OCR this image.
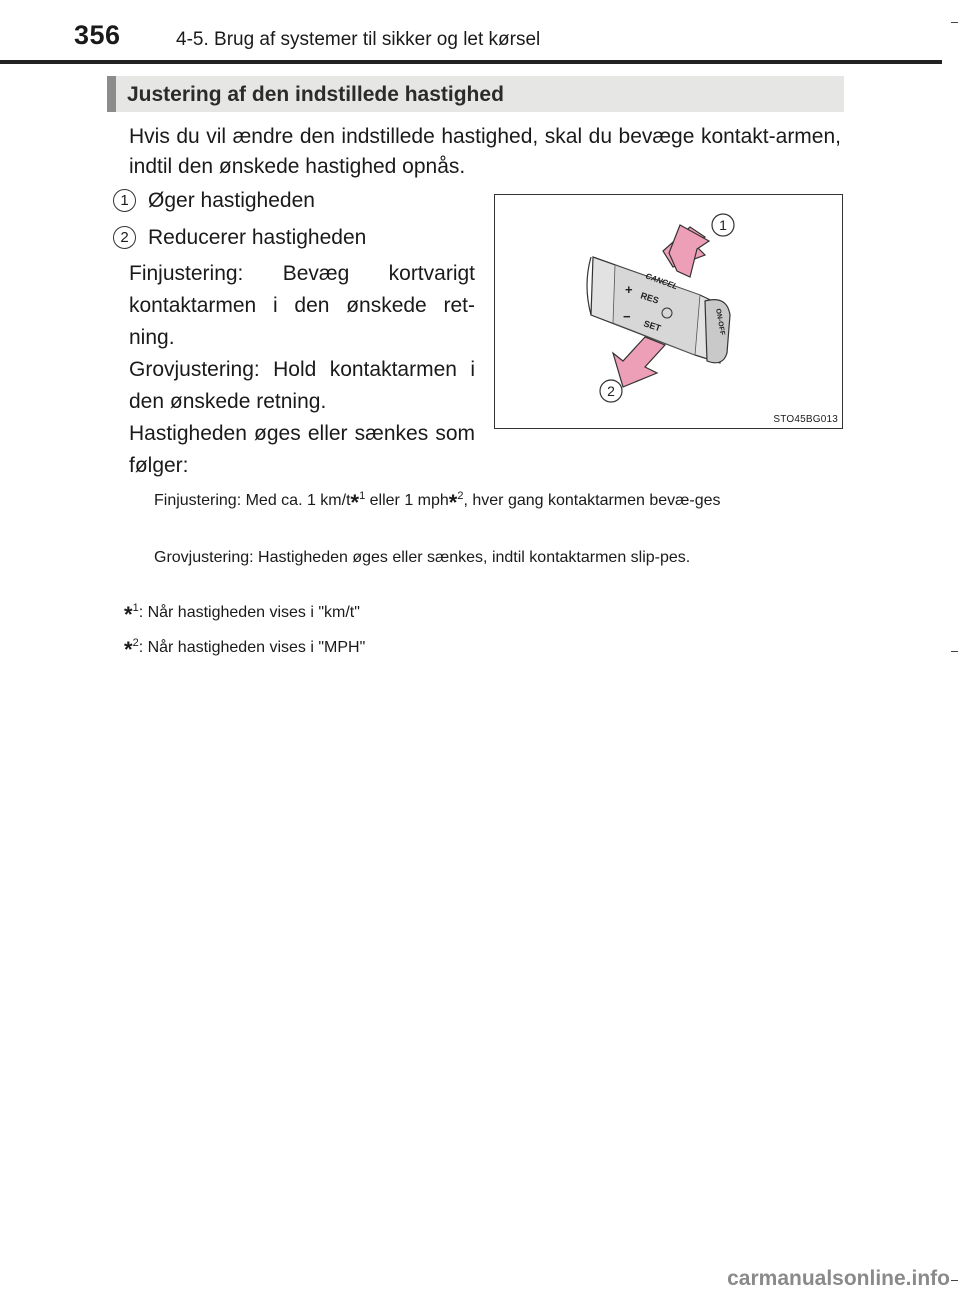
356	4-5. Brug af systemer til sikker og let kørsel
Justering af den indstillede hastighed
Hvis du vil ændre den indstillede hastighed, skal du bevæge kontakt-armen, indtil den ønskede hastighed opnås.
1 Øger hastigheden
2 Reducerer hastigheden
Finjustering: Bevæg kortvarigt kontaktarmen i den ønskede ret-ning.
Grovjustering: Hold kontaktarmen i den ønskede retning.
Hastigheden øges eller sænkes som følger:
CANCEL
+
RES
−
SET	ON-OFF
1
2
STO45BG013
Finjustering: Med ca. 1 km/t*$^1$ eller 1 mph*$^2$, hver gang kontaktarmen bevæ-ges
Grovjustering: Hastigheden øges eller sænkes, indtil kontaktarmen slip-pes.
*$^1$: Når hastigheden vises i "km/t"
*$^2$: Når hastigheden vises i "MPH"
carmanualsonline.info
